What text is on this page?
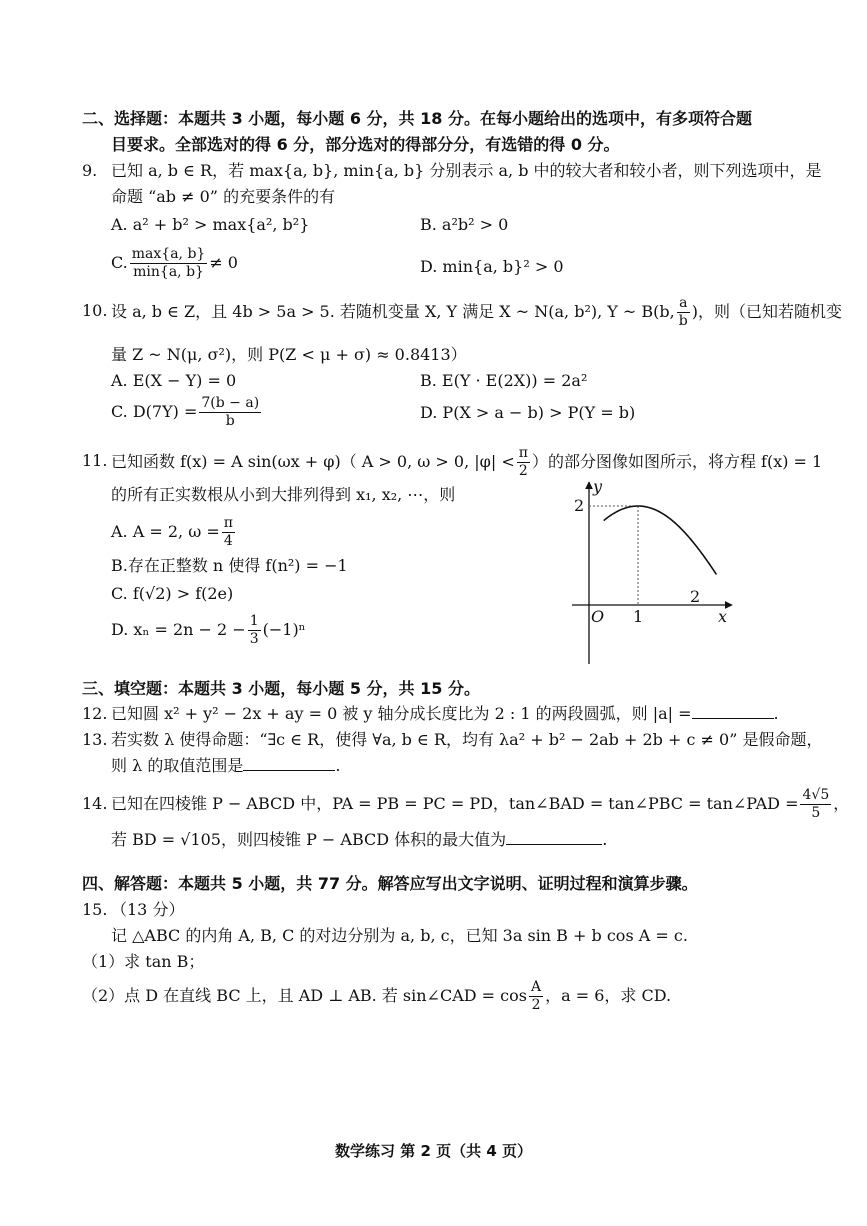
二、选择题：本题共 3 小题，每小题 6 分，共 18 分。在每小题给出的选项中，有多项符合题
目要求。全部选对的得 6 分，部分选对的得部分分，有选错的得 0 分。
9. 已知 a, b ∈ R，若 max{a, b}, min{a, b} 分别表示 a, b 中的较大者和较小者，则下列选项中，是
命题 “ab ≠ 0” 的充要条件的有
A. a² + b² > max{a², b²}	B. a²b² > 0
C. $\frac{\max\{a, b\}}{\min\{a, b\}} \ne 0$	D. min{a, b}² > 0
10. 设 a, b ∈ Z，且 4b > 5a > 5. 若随机变量 X, Y 满足 X ~ N(a, b²), Y ~ B(b, $\frac{a}{b}$ )，则（已知若随机变
量 Z ~ N(μ, σ²)，则 P(Z < μ + σ) ≈ 0.8413）
A. E(X − Y) = 0	B. E(Y · E(2X)) = 2a²
C. $D(7Y) = \frac{7(b - a)}{b}$	D. P(X > a − b) > P(Y = b)
11. 已知函数 f(x) = A sin(ωx + φ)（ A > 0, ω > 0, $|\varphi| < \frac{\pi}{2}$ ）的部分图像如图所示，将方程 f(x) = 1
的所有正实数根从小到大排列得到 x₁, x₂, ⋯，则
A. A = 2, $\omega = \frac{\pi}{4}$
B.存在正整数 n 使得 f(n²) = −1
C. f(√2) > f(2e)
D. $x_n = 2n - 2 - \frac{1}{3} (-1)^n$
y
x
O
2
1
2
三、填空题：本题共 3 小题，每小题 5 分，共 15 分。
12. 已知圆 x² + y² − 2x + ay = 0 被 y 轴分成长度比为 2 : 1 的两段圆弧，则 |a| =	.
13. 若实数 λ 使得命题：“∃c ∈ R，使得 ∀a, b ∈ R，均有 λa² + b² − 2ab + 2b + c ≠ 0” 是假命题，
则 λ 的取值范围是	.
14. 已知在四棱锥 P − ABCD 中，PA = PB = PC = PD，tan∠BAD = tan∠PBC = tan∠PAD = $\frac{4√5}{5}$ ，
若 BD = √105，则四棱锥 P − ABCD 体积的最大值为	.
四、解答题：本题共 5 小题，共 77 分。解答应写出文字说明、证明过程和演算步骤。
15. （13 分）
记 △ABC 的内角 A, B, C 的对边分别为 a, b, c，已知 3a sin B + b cos A = c.
（1）求 tan B；
（2）点 D 在直线 BC 上，且 AD ⊥ AB. 若 sin∠CAD = $\cos \frac{A}{2}$ ，a = 6，求 CD.
数学练习 第 2 页（共 4 页）
